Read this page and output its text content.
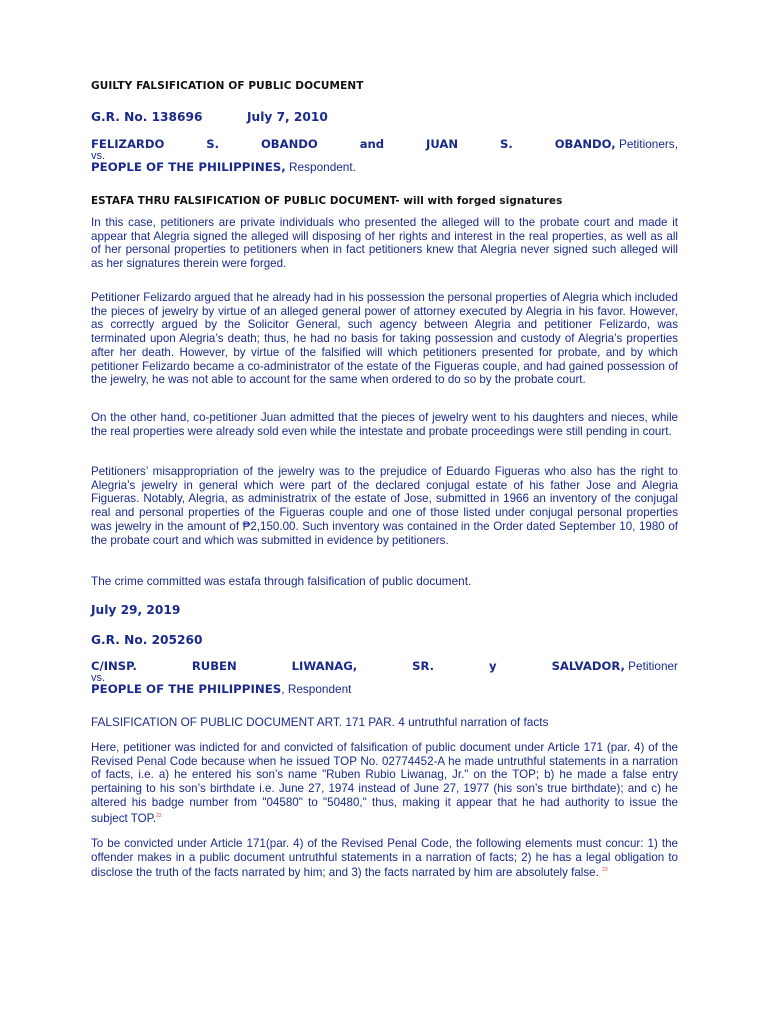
GUILTY FALSIFICATION OF PUBLIC DOCUMENT
G.R. No. 138696	July 7, 2010
FELIZARDO	S.	OBANDO	and	JUAN	S.	OBANDO, Petitioners,
vs.
PEOPLE OF THE PHILIPPINES, Respondent.
ESTAFA THRU FALSIFICATION OF PUBLIC DOCUMENT- will with forged signatures

In this case, petitioners are private individuals who presented the alleged will to the probate court and made it appear that Alegria signed the alleged will disposing of her rights and interest in the real properties, as well as all of her personal properties to petitioners when in fact petitioners knew that Alegria never signed such alleged will as her signatures therein were forged.

Petitioner Felizardo argued that he already had in his possession the personal properties of Alegria which included the pieces of jewelry by virtue of an alleged general power of attorney executed by Alegria in his favor. However, as correctly argued by the Solicitor General, such agency between Alegria and petitioner Felizardo, was terminated upon Alegria’s death; thus, he had no basis for taking possession and custody of Alegria’s properties after her death. However, by virtue of the falsified will which petitioners presented for probate, and by which petitioner Felizardo became a co-administrator of the estate of the Figueras couple, and had gained possession of the jewelry, he was not able to account for the same when ordered to do so by the probate court.

On the other hand, co-petitioner Juan admitted that the pieces of jewelry went to his daughters and nieces, while the real properties were already sold even while the intestate and probate proceedings were still pending in court.

Petitioners’ misappropriation of the jewelry was to the prejudice of Eduardo Figueras who also has the right to Alegria’s jewelry in general which were part of the declared conjugal estate of his father Jose and Alegria Figueras. Notably, Alegria, as administratrix of the estate of Jose, submitted in 1966 an inventory of the conjugal real and personal properties of the Figueras couple and one of those listed under conjugal personal properties was jewelry in the amount of ₱2,150.00. Such inventory was contained in the Order dated September 10, 1980 of the probate court and which was submitted in evidence by petitioners.

The crime committed was estafa through falsification of public document.
July 29, 2019
G.R. No. 205260
C/INSP.	RUBEN	LIWANAG,	SR.	y	SALVADOR, Petitioner
vs.
PEOPLE OF THE PHILIPPINES, Respondent
FALSIFICATION OF PUBLIC DOCUMENT ART. 171 PAR. 4 untruthful narration of facts

Here, petitioner was indicted for and convicted of falsification of public document under Article 171 (par. 4) of the Revised Penal Code because when he issued TOP No. 02774452-A he made untruthful statements in a narration of facts, i.e. a) he entered his son’s name "Ruben Rubio Liwanag, Jr." on the TOP; b) he made a false entry pertaining to his son’s birthdate i.e. June 27, 1974 instead of June 27, 1977 (his son’s true birthdate); and c) he altered his badge number from "04580" to "50480," thus, making it appear that he had authority to issue the subject TOP.$^{22}$

To be convicted under Article 171(par. 4) of the Revised Penal Code, the following elements must concur: 1) the offender makes in a public document untruthful statements in a narration of facts; 2) he has a legal obligation to disclose the truth of the facts narrated by him; and 3) the facts narrated by him are absolutely false. $^{23}$
